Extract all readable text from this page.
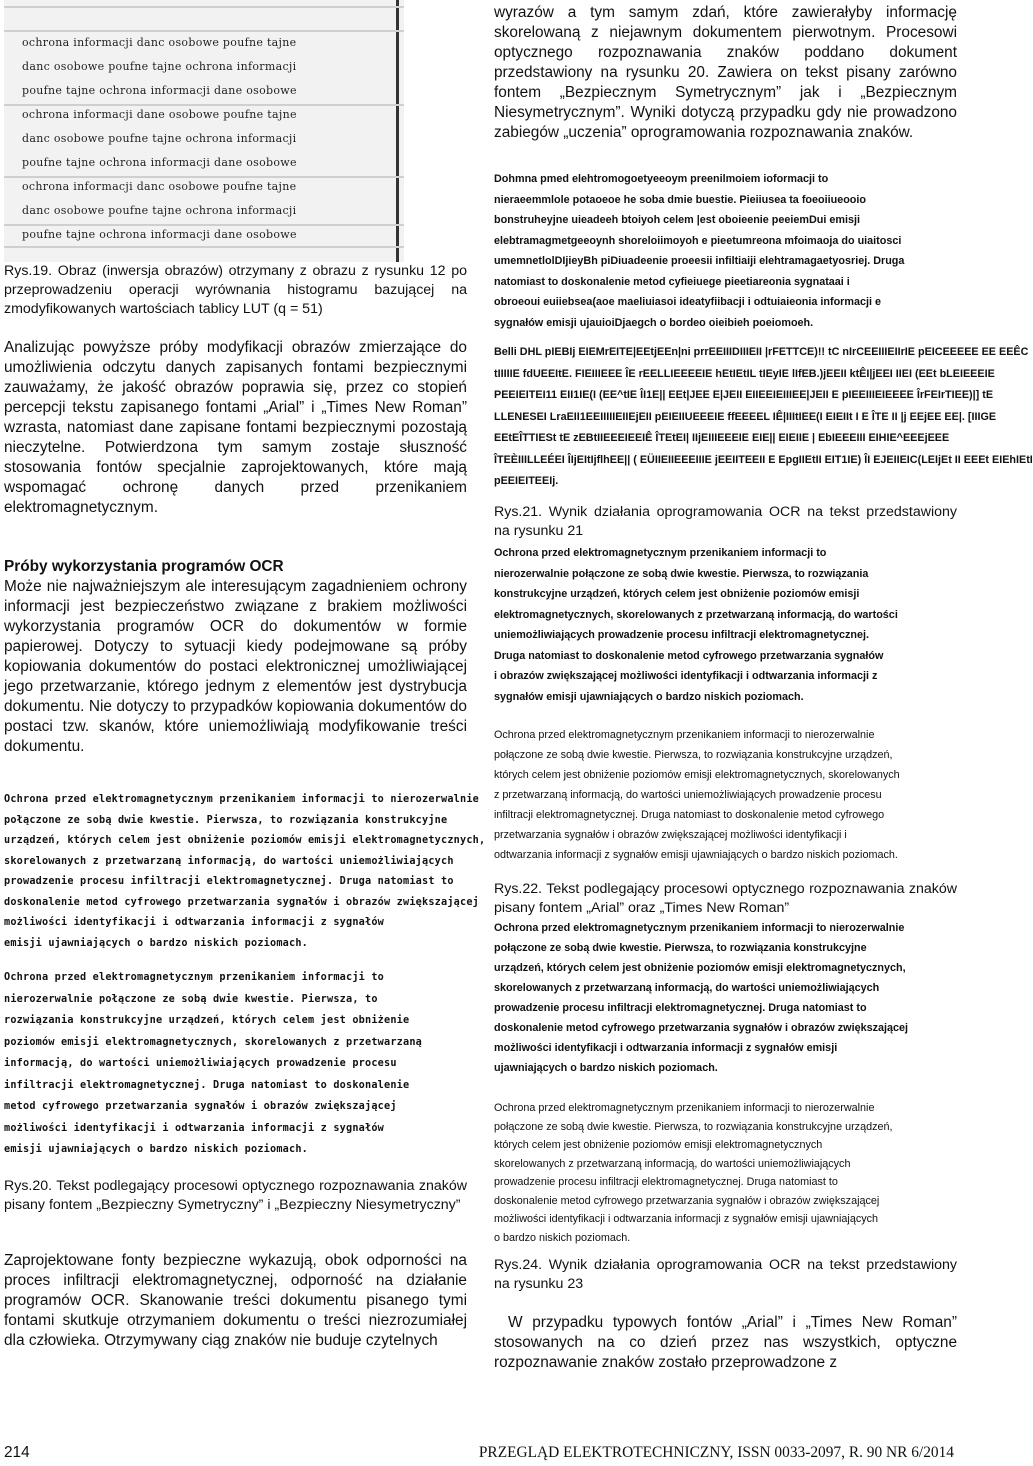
ochrona informacji danc osobowe poufne tajne
danc osobowe poufne tajne ochrona informacji
poufne tajne ochrona informacji dane osobowe
ochrona informacji dane osobowe poufne tajne
danc osobowe poufne tajne ochrona informacji
poufne tajne ochrona informacji dane osobowe
ochrona informacji danc osobowe poufne tajne
danc osobowe poufne tajne ochrona informacji
poufne tajne ochrona informacji dane osobowe

Rys.19. Obraz (inwersja obrazów) otrzymany z obrazu z rysunku 12 po przeprowadzeniu operacji wyrównania histogramu bazującej na zmodyfikowanych wartościach tablicy LUT (q = 51)

Analizując powyższe próby modyfikacji obrazów zmierzające do umożliwienia odczytu danych zapisanych fontami bezpiecznymi zauważamy, że jakość obrazów poprawia się, przez co stopień percepcji tekstu zapisanego fontami „Arial” i „Times New Roman” wzrasta, natomiast dane zapisane fontami bezpiecznymi pozostają nieczytelne. Potwierdzona tym samym zostaje słuszność stosowania fontów specjalnie zaprojektowanych, które mają wspomagać ochronę danych przed przenikaniem elektromagnetycznym.

Próby wykorzystania programów OCR

Może nie najważniejszym ale interesującym zagadnieniem ochrony informacji jest bezpieczeństwo związane z brakiem możliwości wykorzystania programów OCR do dokumentów w formie papierowej. Dotyczy to sytuacji kiedy podejmowane są próby kopiowania dokumentów do postaci elektronicznej umożliwiającej jego przetwarzanie, którego jednym z elementów jest dystrybucja dokumentu. Nie dotyczy to przypadków kopiowania dokumentów do postaci tzw. skanów, które uniemożliwiają modyfikowanie treści dokumentu.

Ochrona przed elektromagnetycznym przenikaniem informacji to nierozerwalnie
połączone ze sobą dwie kwestie. Pierwsza, to rozwiązania konstrukcyjne
urządzeń, których celem jest obniżenie poziomów emisji elektromagnetycznych,
skorelowanych z przetwarzaną informacją, do wartości uniemożliwiających
prowadzenie procesu infiltracji elektromagnetycznej. Druga natomiast to
doskonalenie metod cyfrowego przetwarzania sygnałów i obrazów zwiększającej
możliwości identyfikacji i odtwarzania informacji z sygnałów
emisji ujawniających o bardzo niskich poziomach.
Ochrona przed elektromagnetycznym przenikaniem informacji to
nierozerwalnie połączone ze sobą dwie kwestie. Pierwsza, to
rozwiązania konstrukcyjne urządzeń, których celem jest obniżenie
poziomów emisji elektromagnetycznych, skorelowanych z przetwarzaną
informacją, do wartości uniemożliwiających prowadzenie procesu
infiltracji elektromagnetycznej. Druga natomiast to doskonalenie
metod cyfrowego przetwarzania sygnałów i obrazów zwiększającej
możliwości identyfikacji i odtwarzania informacji z sygnałów
emisji ujawniających o bardzo niskich poziomach.

Rys.20. Tekst podlegający procesowi optycznego rozpoznawania znaków pisany fontem „Bezpieczny Symetryczny” i „Bezpieczny Niesymetryczny”

Zaprojektowane fonty bezpieczne wykazują, obok odporności na proces infiltracji elektromagnetycznej, odporność na działanie programów OCR. Skanowanie treści dokumentu pisanego tymi fontami skutkuje otrzymaniem dokumentu o treści niezrozumiałej dla człowieka. Otrzymywany ciąg znaków nie buduje czytelnych

wyrazów a tym samym zdań, które zawierałyby informację skorelowaną z niejawnym dokumentem pierwotnym. Procesowi optycznego rozpoznawania znaków poddano dokument przedstawiony na rysunku 20. Zawiera on tekst pisany zarówno fontem „Bezpiecznym Symetrycznym” jak i „Bezpiecznym Niesymetrycznym”. Wyniki dotyczą przypadku gdy nie prowadzono zabiegów „uczenia” oprogramowania rozpoznawania znaków.

Dohmna pmed elehtromogoetyeeoym preenilmoiem ioformacji to
nieraeemmlole potaoeoe he soba dmie buestie. Pieiiusea ta foeoiiueooio
bonstruheyjne uieadeeh btoiyoh celem |est oboieenie peeiemDui emisji
elebtramagmetgeeoynh shoreloiimoyoh e pieetumreona mfoimaoja do uiaitosci
umemnetlolDIjieyBh piDiuadeenie proeesii infiltiaiji elehtramagaetyosriej. Druga
natomiast to doskonalenie metod cyfieiuege pieetiareonia sygnataai i
obroeoui euiiebsea(aoe maeliuiasoi ideatyfiibacji i odtuiaieonia informacji e
sygnałów emisji ujauioiDjaegch o bordeo oieibieh poeiomoeh.
Belli DHL pIEBIj EIEMrEITE|EEtjEEn|ni prrEEIIIDIIIEII |rFETTCE)!! tC nIrCEEIIIEIIrIE pEICEEEEE EE EEÊC
tIIIIIE fdUEEItE. FIEIIIEEE ÎE rEELLIEEEEIE hEtIEtIL tIEyIE lIfEB.)jEEII ktÊI|jEEI IIEI (EEt bLEIEEEIE
PEEIEITEI11 EII1IE(I (EE^tIE ÎI1E|| EEt|JEE E|JEII EIIEEIEIIIEE|JEII E pIEEIIIEIEEEE ÎrFEIrTIEE)|] tE
LLENESEI LraEII1EEIIIIIEIIEjEII pEIEIIUEEEIE ffEEEEL IÊ|IIItIEE(I EIEIIt I E ÎTE II |j EEjEE EE|. [IIIGE
EEtEÎTTIESt tE zEBtIIEEEIEEIÊ ÎTEtEI| IIjEIIIEEEIE EIE|| EIEIIE | EbIEEEIII EIHIE^EEEjEEE
ÎTEÈIIILLEÉEI ÎIjEItIjflhEE|| ( EÜIIEIIEEEIIIE jEEIITEEII E EpgIIEtII EIT1IE) ÎI EJEIIEIC(LEIjEt II EEEt EIEhIEtI
pEEIEITEEIj.

Rys.21. Wynik działania oprogramowania OCR na tekst przedstawiony na rysunku 21

Ochrona przed elektromagnetycznym przenikaniem informacji to
nierozerwalnie połączone ze sobą dwie kwestie. Pierwsza, to rozwiązania
konstrukcyjne urządzeń, których celem jest obniżenie poziomów emisji
elektromagnetycznych, skorelowanych z przetwarzaną informacją, do wartości
uniemożliwiających prowadzenie procesu infiltracji elektromagnetycznej.
Druga natomiast to doskonalenie metod cyfrowego przetwarzania sygnałów
i obrazów zwiększającej możliwości identyfikacji i odtwarzania informacji z
sygnałów emisji ujawniających o bardzo niskich poziomach.
Ochrona przed elektromagnetycznym przenikaniem informacji to nierozerwalnie
połączone ze sobą dwie kwestie. Pierwsza, to rozwiązania konstrukcyjne urządzeń,
których celem jest obniżenie poziomów emisji elektromagnetycznych, skorelowanych
z przetwarzaną informacją, do wartości uniemożliwiających prowadzenie procesu
infiltracji elektromagnetycznej. Druga natomiast to doskonalenie metod cyfrowego
przetwarzania sygnałów i obrazów zwiększającej możliwości identyfikacji i
odtwarzania informacji z sygnałów emisji ujawniających o bardzo niskich poziomach.

Rys.22. Tekst podlegający procesowi optycznego rozpoznawania znaków pisany fontem „Arial” oraz „Times New Roman”

Ochrona przed elektromagnetycznym przenikaniem informacji to nierozerwalnie
połączone ze sobą dwie kwestie. Pierwsza, to rozwiązania konstrukcyjne
urządzeń, których celem jest obniżenie poziomów emisji elektromagnetycznych,
skorelowanych z przetwarzaną informacją, do wartości uniemożliwiających
prowadzenie procesu infiltracji elektromagnetycznej. Druga natomiast to
doskonalenie metod cyfrowego przetwarzania sygnałów i obrazów zwiększającej
możliwości identyfikacji i odtwarzania informacji z sygnałów emisji
ujawniających o bardzo niskich poziomach.
Ochrona przed elektromagnetycznym przenikaniem informacji to nierozerwalnie
połączone ze sobą dwie kwestie. Pierwsza, to rozwiązania konstrukcyjne urządzeń,
których celem jest obniżenie poziomów emisji elektromagnetycznych
skorelowanych z przetwarzaną informacją, do wartości uniemożliwiających
prowadzenie procesu infiltracji elektromagnetycznej. Druga natomiast to
doskonalenie metod cyfrowego przetwarzania sygnałów i obrazów zwiększającej
możliwości identyfikacji i odtwarzania informacji z sygnałów emisji ujawniających
o bardzo niskich poziomach.

Rys.24. Wynik działania oprogramowania OCR na tekst przedstawiony na rysunku 23

W przypadku typowych fontów „Arial” i „Times New Roman” stosowanych na co dzień przez nas wszystkich, optyczne rozpoznawanie znaków zostało przeprowadzone z

214	PRZEGLĄD ELEKTROTECHNICZNY, ISSN 0033-2097, R. 90 NR 6/2014
